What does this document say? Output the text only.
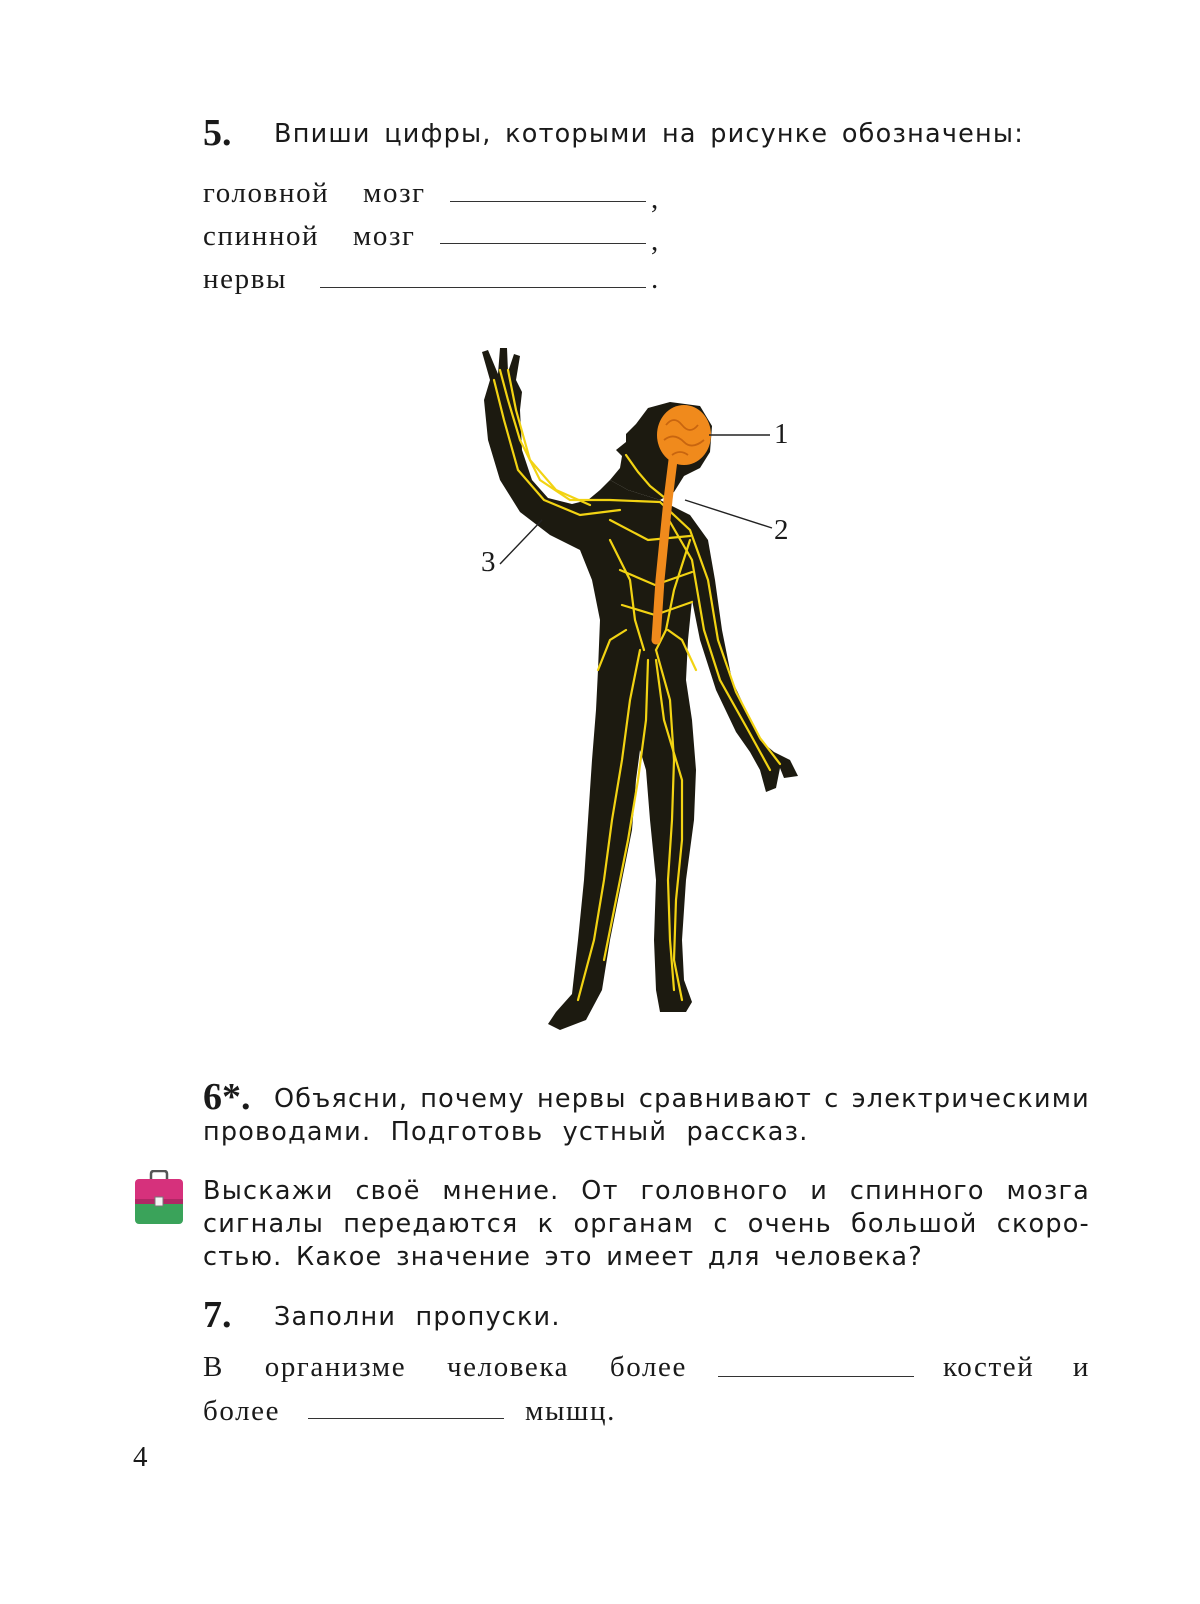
5. Впиши цифры, которыми на рисунке обозначены:
головной мозг	,
спинной мозг	,
нервы	.
1
2
3
6*. Объясни, почему нервы сравнивают с электрическими
проводами. Подготовь устный рассказ.
Выскажи своё мнение. От головного и спинного мозга
сигналы передаются к органам с очень большой скоро-
стью. Какое значение это имеет для человека?
7. Заполни пропуски.
В организме человека более	костей и
более	мышц.
4
